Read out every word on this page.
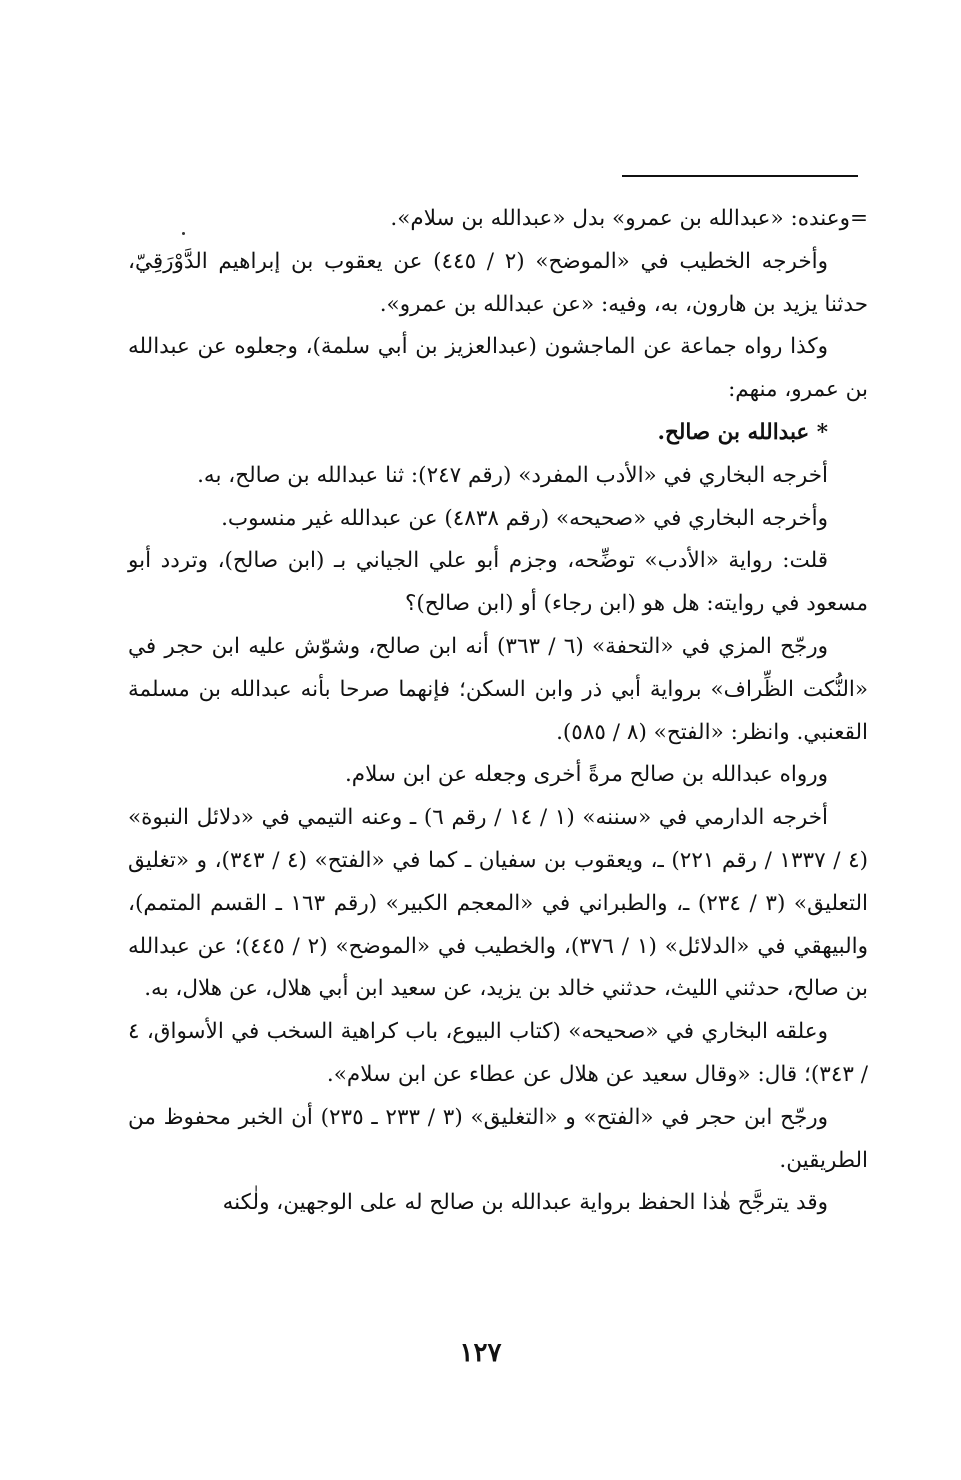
=وعنده: «عبدالله بن عمرو» بدل «عبدالله بن سلام».

وأخرجه الخطيب في «الموضح» (٢ / ٤٤٥) عن يعقوب بن إبراهيم الدَّوْرَقِيّ، حدثنا يزيد بن هارون، به، وفيه: «عن عبدالله بن عمرو».

وكذا رواه جماعة عن الماجشون (عبدالعزيز بن أبي سلمة)، وجعلوه عن عبدالله بن عمرو، منهم:

* عبدالله بن صالح.

أخرجه البخاري في «الأدب المفرد» (رقم ٢٤٧): ثنا عبدالله بن صالح، به.

وأخرجه البخاري في «صحيحه» (رقم ٤٨٣٨) عن عبدالله غير منسوب.

قلت: رواية «الأدب» توضِّحه، وجزم أبو علي الجياني بـ (ابن صالح)، وتردد أبو مسعود في روايته: هل هو (ابن رجاء) أو (ابن صالح)؟

ورجّح المزي في «التحفة» (٦ / ٣٦٣) أنه ابن صالح، وشوّش عليه ابن حجر في «النُّكت الظِّراف» برواية أبي ذر وابن السكن؛ فإنهما صرحا بأنه عبدالله بن مسلمة القعنبي. وانظر: «الفتح» (٨ / ٥٨٥).

ورواه عبدالله بن صالح مرةً أخرى وجعله عن ابن سلام.

أخرجه الدارمي في «سننه» (١ / ١٤ / رقم ٦) ـ وعنه التيمي في «دلائل النبوة» (٤ / ١٣٣٧ / رقم ٢٢١) ـ، ويعقوب بن سفيان ـ كما في «الفتح» (٤ / ٣٤٣)، و «تغليق التعليق» (٣ / ٢٣٤) ـ، والطبراني في «المعجم الكبير» (رقم ١٦٣ ـ القسم المتمم)، والبيهقي في «الدلائل» (١ / ٣٧٦)، والخطيب في «الموضح» (٢ / ٤٤٥)؛ عن عبدالله بن صالح، حدثني الليث، حدثني خالد بن يزيد، عن سعيد ابن أبي هلال، عن هلال، به.

وعلقه البخاري في «صحيحه» (كتاب البيوع، باب كراهية السخب في الأسواق، ٤ / ٣٤٣)؛ قال: «وقال سعيد عن هلال عن عطاء عن ابن سلام».

ورجّح ابن حجر في «الفتح» و «التغليق» (٣ / ٢٣٣ ـ ٢٣٥) أن الخبر محفوظ من الطريقين.

وقد يترجَّح هٰذا الحفظ برواية عبدالله بن صالح له على الوجهين، ولٰكنه

١٢٧
